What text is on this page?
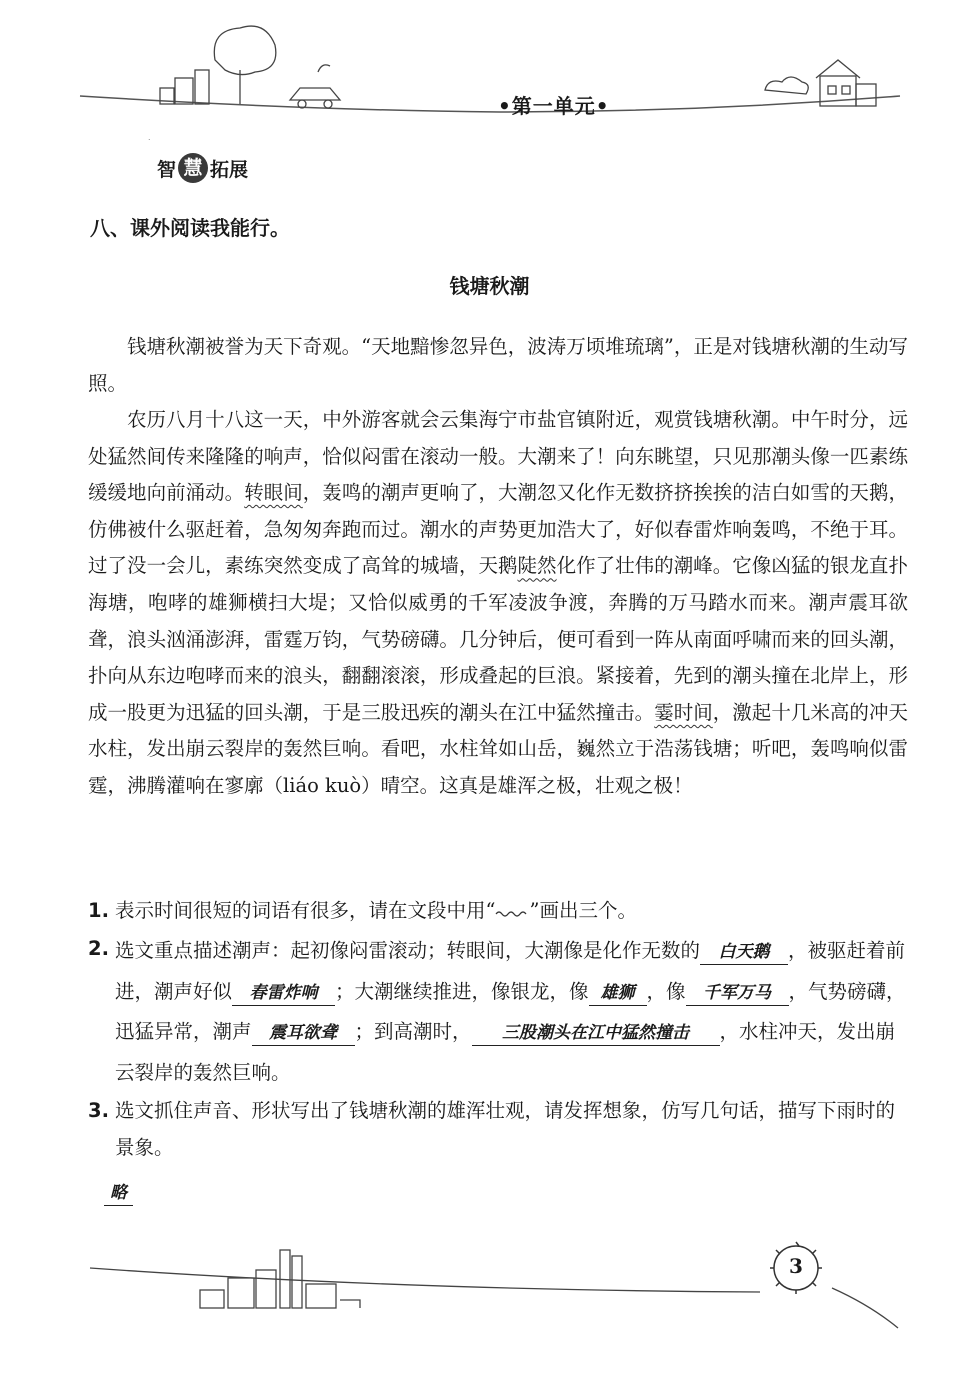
•第一单元•
智 慧 拓展
八、课外阅读我能行。
钱塘秋潮

钱塘秋潮被誉为天下奇观。“天地黯惨忽异色，波涛万顷堆琉璃”，正是对钱塘秋潮的生动写照。

农历八月十八这一天，中外游客就会云集海宁市盐官镇附近，观赏钱塘秋潮。中午时分，远处猛然间传来隆隆的响声，恰似闷雷在滚动一般。大潮来了！向东眺望，只见那潮头像一匹素练缓缓地向前涌动。转眼间，轰鸣的潮声更响了，大潮忽又化作无数挤挤挨挨的洁白如雪的天鹅，仿佛被什么驱赶着，急匆匆奔跑而过。潮水的声势更加浩大了，好似春雷炸响轰鸣，不绝于耳。过了没一会儿，素练突然变成了高耸的城墙，天鹅陡然化作了壮伟的潮峰。它像凶猛的银龙直扑海塘，咆哮的雄狮横扫大堤；又恰似威勇的千军凌波争渡，奔腾的万马踏水而来。潮声震耳欲聋，浪头汹涌澎湃，雷霆万钧，气势磅礴。几分钟后，便可看到一阵从南面呼啸而来的回头潮，扑向从东边咆哮而来的浪头，翻翻滚滚，形成叠起的巨浪。紧接着，先到的潮头撞在北岸上，形成一股更为迅猛的回头潮，于是三股迅疾的潮头在江中猛然撞击。霎时间，激起十几米高的冲天水柱，发出崩云裂岸的轰然巨响。看吧，水柱耸如山岳，巍然立于浩荡钱塘；听吧，轰鸣响似雷霆，沸腾灌响在寥廓（liáo kuò）晴空。这真是雄浑之极，壮观之极！

1. 表示时间很短的词语有很多，请在文段中用“ ”画出三个。
2. 选文重点描述潮声：起初像闷雷滚动；转眼间，大潮像是化作无数的 白天鹅 ，被驱赶着前进，潮声好似 春雷炸响 ；大潮继续推进，像银龙，像 雄狮 ，像 千军万马 ，气势磅礴，迅猛异常，潮声 震耳欲聋 ；到高潮时， 三股潮头在江中猛然撞击 ，水柱冲天，发出崩云裂岸的轰然巨响。
3. 选文抓住声音、形状写出了钱塘秋潮的雄浑壮观，请发挥想象，仿写几句话，描写下雨时的景象。
略
3
